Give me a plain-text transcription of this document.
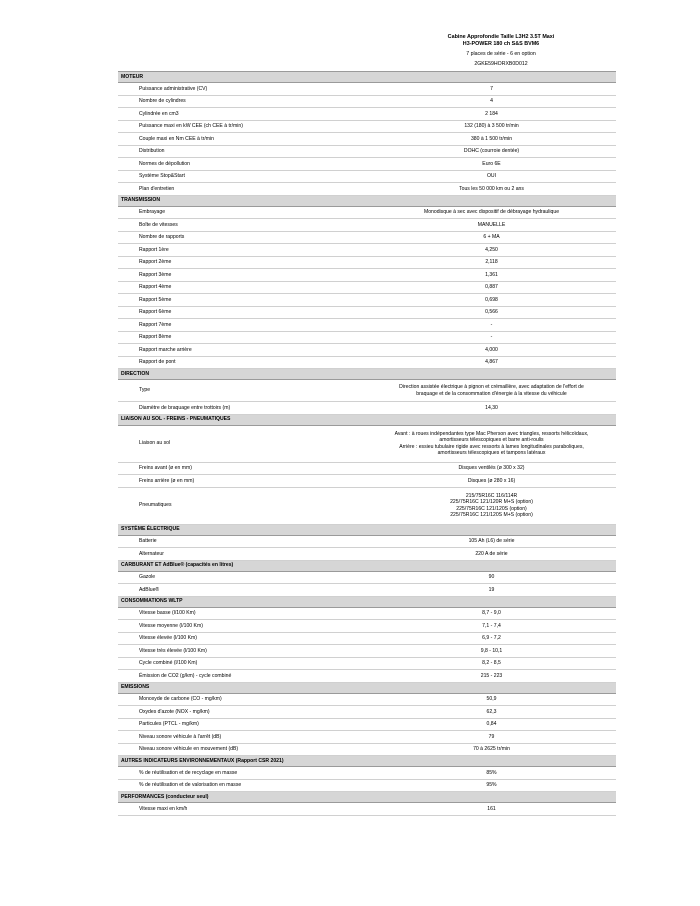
Cabine Approfondie Taille L3H2 3.5T Maxi
H3-POWER 180 ch S&S BVM6
7 places de série - 6 en option
2GKE59HORXB0D012
MOTEUR	
Puissance administrative (CV)	7

Nombre de cylindres	4

Cylindrée en cm3	2 184

Puissance maxi en kW CEE (ch CEE à tr/min)	132 (180) à 3 500 tr/min

Couple maxi en Nm CEE à tr/min	380 à 1 500 tr/min

Distribution	DOHC (courroie dentée)

Normes de dépollution	Euro 6E

Système Stop&Start	OUI

Plan d'entretien	Tous les 50 000 km ou 2 ans

TRANSMISSION	
Embrayage	Monodisque à sec avec dispositif de débrayage hydraulique

Boîte de vitesses	MANUELLE

Nombre de rapports	6 + MA

Rapport 1ère	4,250

Rapport 2ème	2,118

Rapport 3ème	1,361

Rapport 4ème	0,887

Rapport 5ème	0,698

Rapport 6ème	0,566

Rapport 7ème	-

Rapport 8ème	-

Rapport marche arrière	4,000

Rapport de pont	4,867

DIRECTION	
Type	Direction assistée électrique à pignon et crémaillère, avec adaptation de l'effort de
braquage et de la consommation d'énergie à la vitesse du véhicule

Diamètre de braquage entre trottoirs (m)	14,30

LIAISON AU SOL - FREINS - PNEUMATIQUES	
Liaison au sol	Avant : à roues indépendantes type Mac Pherson avec triangles, ressorts hélicoïdaux,
amortisseurs télescopiques et barre anti-roulis
Arrière : essieu tubulaire rigide avec ressorts à lames longitudinales paraboliques,
amortisseurs télescopiques et tampons latéraux

Freins avant (ø en mm)	Disques ventilés (ø 300 x 32)

Freins arrière (ø en mm)	Disques (ø 280 x 16)

Pneumatiques	215/75R16C 116/114R
225/75R16C 121/120R M+S (option)
225/75R16C 121/120S (option)
225/75R16C 121/120S M+S (option)

SYSTÈME ÉLECTRIQUE	
Batterie	105 Ah (L6) de série

Alternateur	220 A de série

CARBURANT ET AdBlue® (capacités en litres)	
Gazole	90

AdBlue®	19

CONSOMMATIONS WLTP	
Vitesse basse (l/100 Km)	8,7 - 9,0

Vitesse moyenne (l/100 Km)	7,1 - 7,4

Vitesse élevée (l/100 Km)	6,9 - 7,2

Vitesse très élevée (l/100 Km)	9,8 - 10,1

Cycle combiné (l/100 Km)	8,2 - 8,5

Émission de CO2 (g/km) - cycle combiné	215 - 223

EMISSIONS	
Monoxyde de carbone (CO - mg/km)	50,9

Oxydes d'azote (NOX - mg/km)	62,3

Particules (PTCL - mg/km)	0,84

Niveau sonore véhicule à l'arrêt (dB)	79

Niveau sonore véhicule en mouvement (dB)	70 à 2625 tr/min

AUTRES INDICATEURS ENVIRONNEMENTAUX (Rapport CSR 2021)	
% de réutilisation et de recyclage en masse	85%

% de réutilisation et de valorisation en masse	95%

PERFORMANCES (conducteur seul)	
Vitesse maxi en km/h	161
